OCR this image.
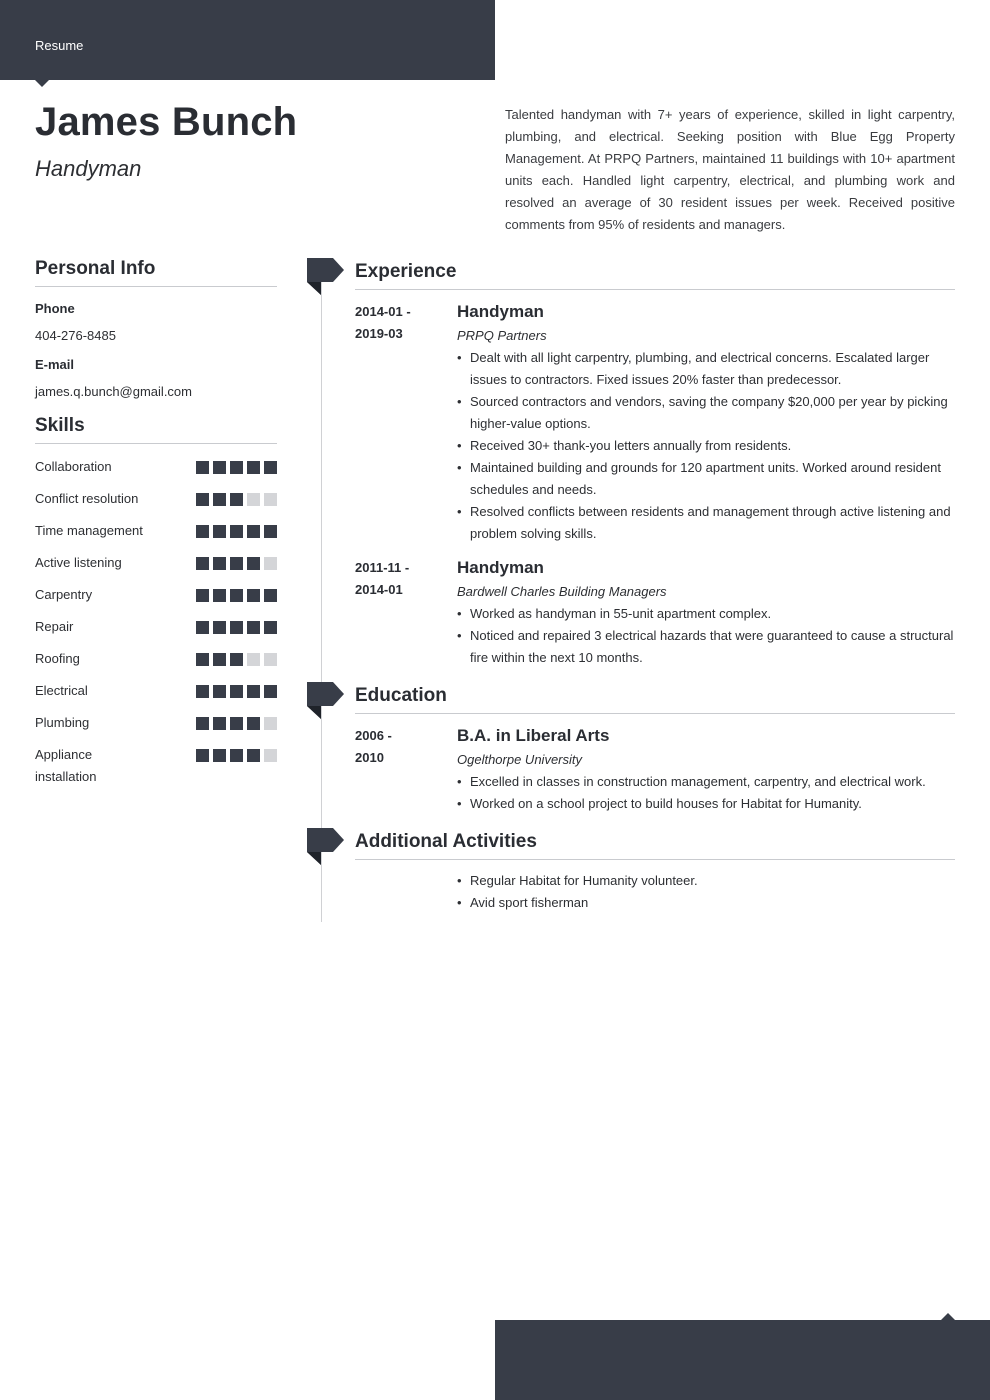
Resume
James Bunch
Handyman

Talented handyman with 7+ years of experience, skilled in light carpentry, plumbing, and electrical. Seeking position with Blue Egg Property Management. At PRPQ Partners, maintained 11 buildings with 10+ apartment units each. Handled light carpentry, electrical, and plumbing work and resolved an average of 30 resident issues per week. Received positive comments from 95% of residents and managers.

Personal Info
Phone
404-276-8485
E-mail
james.q.bunch@gmail.com
Skills
Collaboration
Conflict resolution
Time management
Active listening
Carpentry
Repair
Roofing
Electrical
Plumbing
Appliance installation
Experience
2014-01 -
2019-03
Handyman
PRPQ Partners
• Dealt with all light carpentry, plumbing, and electrical concerns. Escalated larger issues to contractors. Fixed issues 20% faster than predecessor.
• Sourced contractors and vendors, saving the company $20,000 per year by picking higher-value options.
• Received 30+ thank-you letters annually from residents.
• Maintained building and grounds for 120 apartment units. Worked around resident schedules and needs.
• Resolved conflicts between residents and management through active listening and problem solving skills.
2011-11 -
2014-01
Handyman
Bardwell Charles Building Managers
• Worked as handyman in 55-unit apartment complex.
• Noticed and repaired 3 electrical hazards that were guaranteed to cause a structural fire within the next 10 months.
Education
2006 -
2010
B.A. in Liberal Arts
Ogelthorpe University
• Excelled in classes in construction management, carpentry, and electrical work.
• Worked on a school project to build houses for Habitat for Humanity.
Additional Activities
• Regular Habitat for Humanity volunteer.
• Avid sport fisherman
